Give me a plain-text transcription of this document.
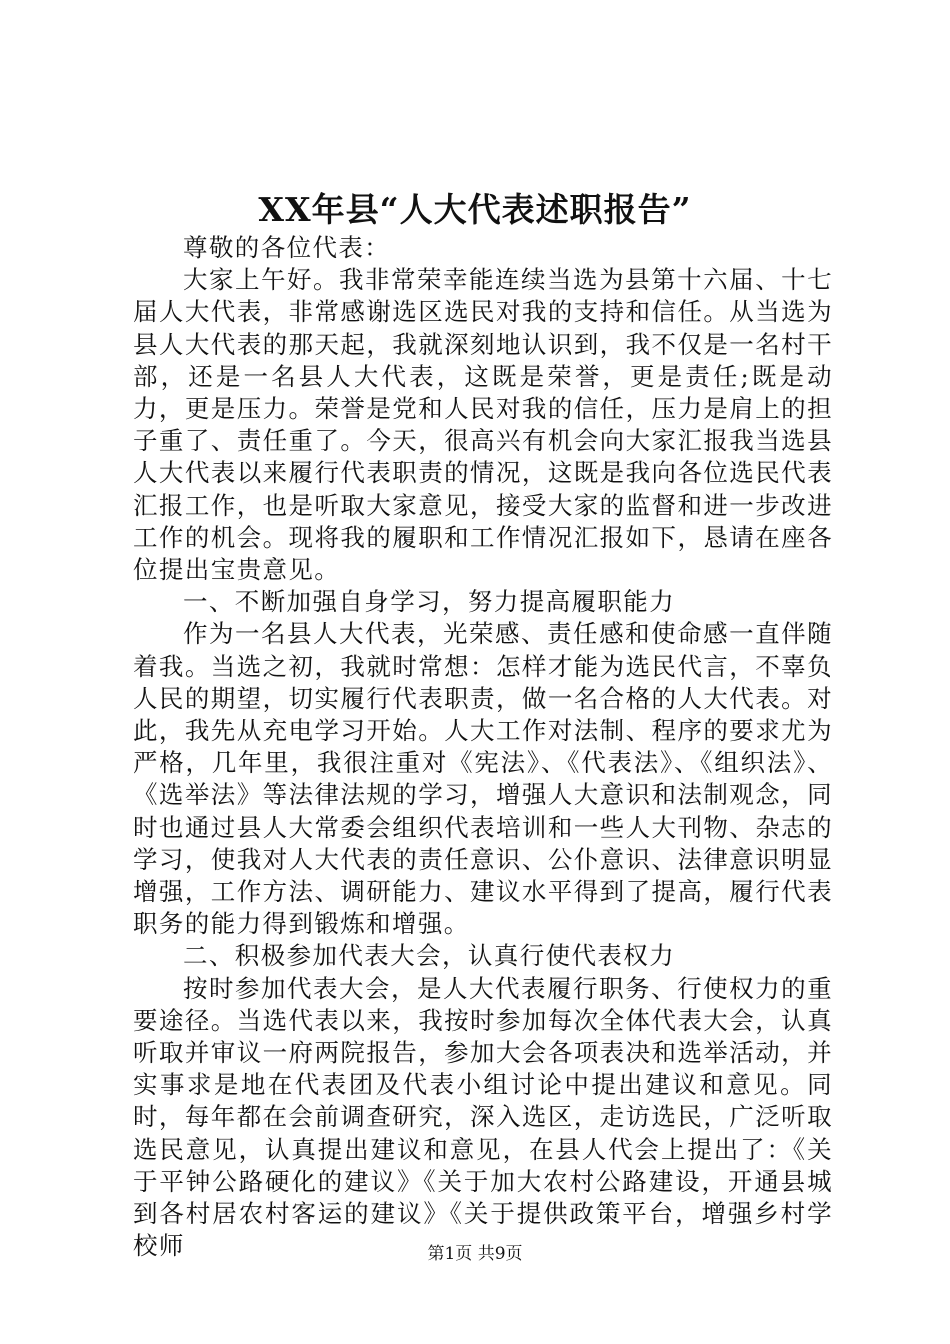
XX年县“人大代表述职报告”

尊敬的各位代表：

大家上午好。我非常荣幸能连续当选为县第十六届、十七届人大代表，非常感谢选区选民对我的支持和信任。从当选为县人大代表的那天起，我就深刻地认识到，我不仅是一名村干部，还是一名县人大代表，这既是荣誉，更是责任;既是动力，更是压力。荣誉是党和人民对我的信任，压力是肩上的担子重了、责任重了。今天，很高兴有机会向大家汇报我当选县人大代表以来履行代表职责的情况，这既是我向各位选民代表汇报工作，也是听取大家意见，接受大家的监督和进一步改进工作的机会。现将我的履职和工作情况汇报如下，恳请在座各位提出宝贵意见。

一、不断加强自身学习，努力提高履职能力

作为一名县人大代表，光荣感、责任感和使命感一直伴随着我。当选之初，我就时常想：怎样才能为选民代言，不辜负人民的期望，切实履行代表职责，做一名合格的人大代表。对此，我先从充电学习开始。人大工作对法制、程序的要求尤为严格，几年里，我很注重对《宪法》、《代表法》、《组织法》、《选举法》等法律法规的学习，增强人大意识和法制观念，同时也通过县人大常委会组织代表培训和一些人大刊物、杂志的学习，使我对人大代表的责任意识、公仆意识、法律意识明显增强，工作方法、调研能力、建议水平得到了提高，履行代表职务的能力得到锻炼和增强。

二、积极参加代表大会，认真行使代表权力

按时参加代表大会，是人大代表履行职务、行使权力的重要途径。当选代表以来，我按时参加每次全体代表大会，认真听取并审议一府两院报告，参加大会各项表决和选举活动，并实事求是地在代表团及代表小组讨论中提出建议和意见。同时，每年都在会前调查研究，深入选区，走访选民，广泛听取选民意见，认真提出建议和意见，在县人代会上提出了：《关于平钟公路硬化的建议》《关于加大农村公路建设，开通县城到各村居农村客运的建议》《关于提供政策平台，增强乡村学校师	第1页 共9页
